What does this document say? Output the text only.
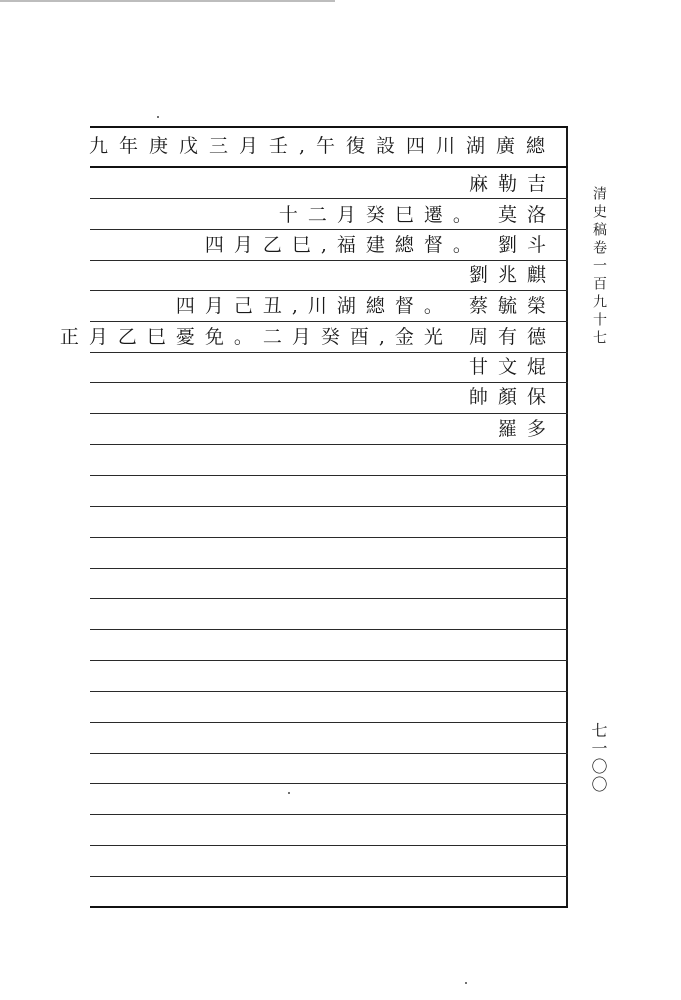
總廣湖川四設復午,壬月三戊庚年九
麻勒吉
十二月癸巳遷。 莫洛
四月乙巳,福建總督。 劉斗
劉兆麒
四月己丑,川湖總督。 蔡毓榮
正月乙巳憂免。二月癸酉,金光 周有德
甘文焜
帥顏保
羅多
清史稿卷一百九十七
七一〇〇
